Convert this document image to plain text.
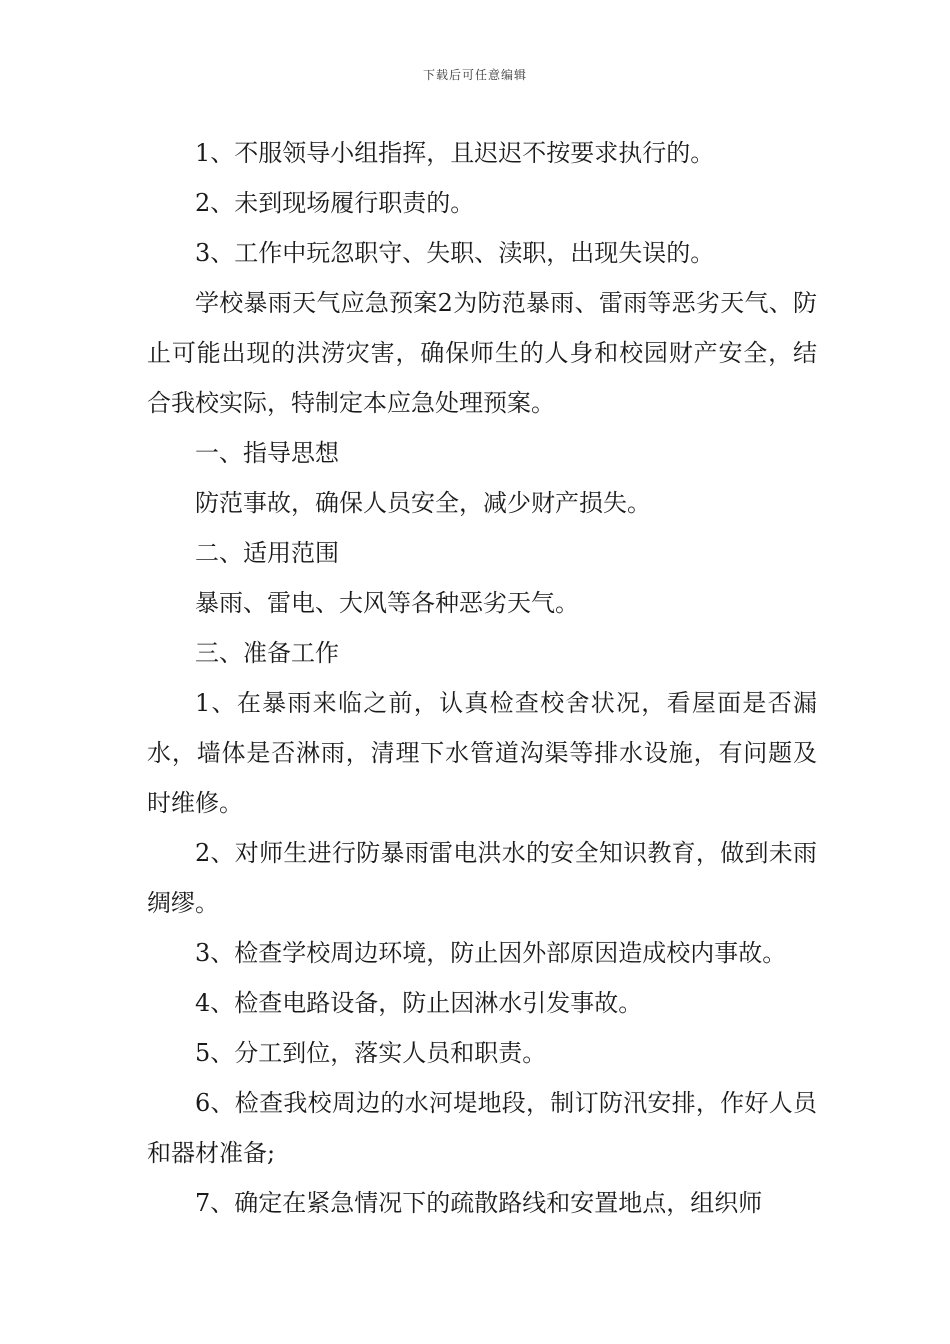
下载后可任意编辑

1、不服领导小组指挥，且迟迟不按要求执行的。

2、未到现场履行职责的。

3、工作中玩忽职守、失职、渎职，出现失误的。

学校暴雨天气应急预案2为防范暴雨、雷雨等恶劣天气、防止可能出现的洪涝灾害，确保师生的人身和校园财产安全，结合我校实际，特制定本应急处理预案。

一、指导思想

防范事故，确保人员安全，减少财产损失。

二、适用范围

暴雨、雷电、大风等各种恶劣天气。

三、准备工作

1、在暴雨来临之前，认真检查校舍状况，看屋面是否漏水，墙体是否淋雨，清理下水管道沟渠等排水设施，有问题及时维修。

2、对师生进行防暴雨雷电洪水的安全知识教育，做到未雨绸缪。

3、检查学校周边环境，防止因外部原因造成校内事故。

4、检查电路设备，防止因淋水引发事故。

5、分工到位，落实人员和职责。

6、检查我校周边的水河堤地段，制订防汛安排，作好人员和器材准备;

7、确定在紧急情况下的疏散路线和安置地点，组织师
